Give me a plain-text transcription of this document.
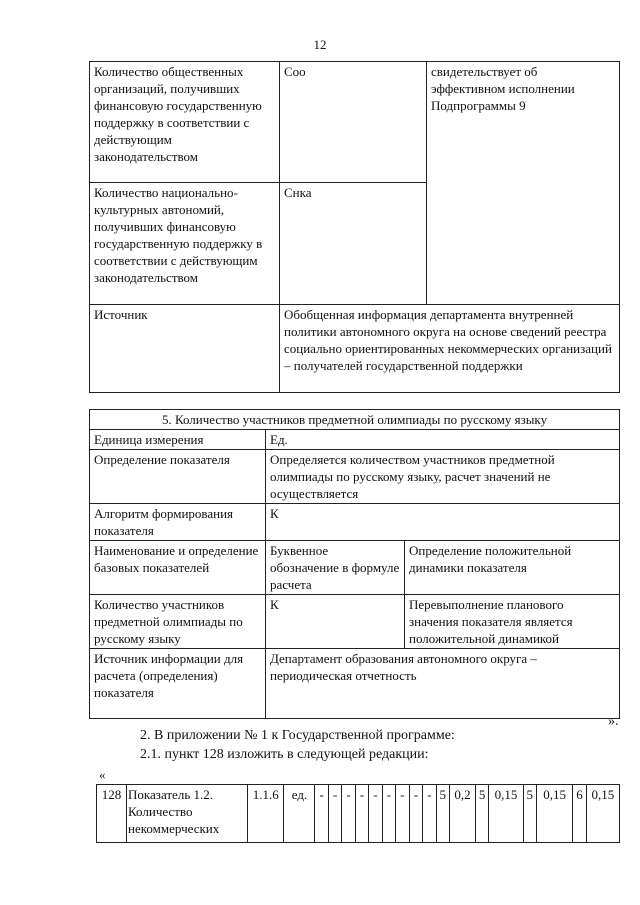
12
Количество общественных организаций, получивших финансовую государственную поддержку в соответствии с действующим законодательством	Соо	свидетельствует об эффективном исполнении Подпрограммы 9
Количество национально-культурных автономий, получивших финансовую государственную поддержку в соответствии с действующим законодательством	Снка	
Источник	Обобщенная информация департамента внутренней политики автономного округа на основе сведений реестра социально ориентированных некоммерческих организаций – получателей государственной поддержки	
5. Количество участников предметной олимпиады по русскому языку		
Единица измерения	Ед.	
Определение показателя	Определяется количеством участников предметной олимпиады по русскому языку, расчет значений не осуществляется	
Алгоритм формирования показателя	К	
Наименование и определение базовых показателей	Буквенное обозначение в формуле расчета	Определение положительной динамики показателя
Количество участников предметной олимпиады по русскому языку	К	Перевыполнение планового значения показателя является положительной динамикой
Источник информации для расчета (определения) показателя	Департамент образования автономного округа – периодическая отчетность	
».
2. В приложении № 1 к Государственной программе:
2.1. пункт 128 изложить в следующей редакции:
«
128	Показатель 1.2. Количество некоммерческих	1.1.6	ед.	-	-	-	-	-	-	-	-	-	5	0,2	5	0,15	5	0,15	6	0,15
